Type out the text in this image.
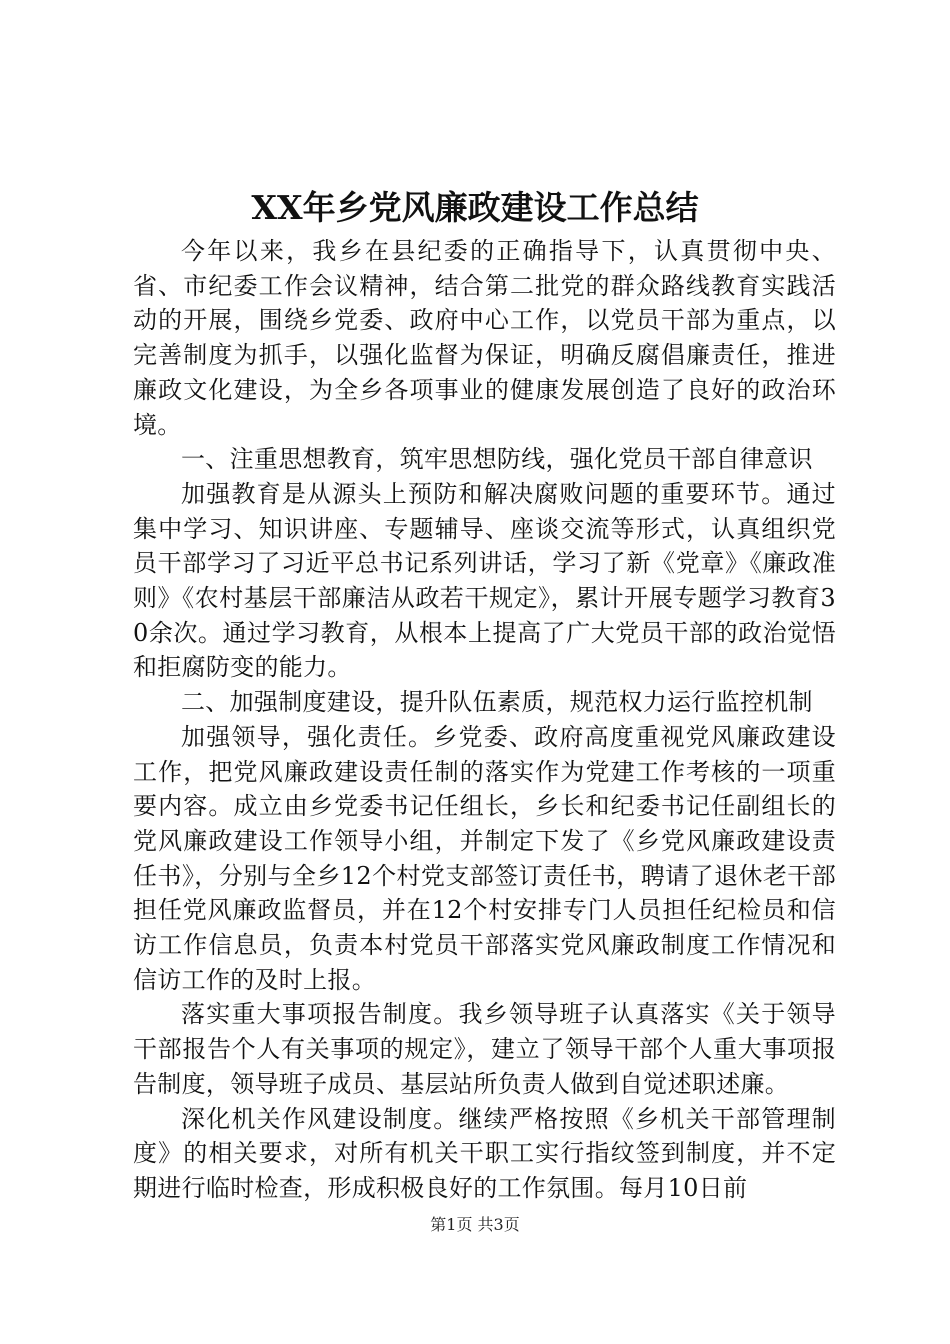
XX年乡党风廉政建设工作总结

今年以来，我乡在县纪委的正确指导下，认真贯彻中央、省、市纪委工作会议精神，结合第二批党的群众路线教育实践活动的开展，围绕乡党委、政府中心工作，以党员干部为重点，以完善制度为抓手，以强化监督为保证，明确反腐倡廉责任，推进廉政文化建设，为全乡各项事业的健康发展创造了良好的政治环境。

一、注重思想教育，筑牢思想防线，强化党员干部自律意识

加强教育是从源头上预防和解决腐败问题的重要环节。通过集中学习、知识讲座、专题辅导、座谈交流等形式，认真组织党员干部学习了习近平总书记系列讲话，学习了新《党章》《廉政准则》《农村基层干部廉洁从政若干规定》，累计开展专题学习教育30余次。通过学习教育，从根本上提高了广大党员干部的政治觉悟和拒腐防变的能力。

二、加强制度建设，提升队伍素质，规范权力运行监控机制

加强领导，强化责任。乡党委、政府高度重视党风廉政建设工作，把党风廉政建设责任制的落实作为党建工作考核的一项重要内容。成立由乡党委书记任组长，乡长和纪委书记任副组长的党风廉政建设工作领导小组，并制定下发了《乡党风廉政建设责任书》，分别与全乡12个村党支部签订责任书，聘请了退休老干部担任党风廉政监督员，并在12个村安排专门人员担任纪检员和信访工作信息员，负责本村党员干部落实党风廉政制度工作情况和信访工作的及时上报。

落实重大事项报告制度。我乡领导班子认真落实《关于领导干部报告个人有关事项的规定》，建立了领导干部个人重大事项报告制度，领导班子成员、基层站所负责人做到自觉述职述廉。

深化机关作风建设制度。继续严格按照《乡机关干部管理制度》的相关要求，对所有机关干职工实行指纹签到制度，并不定期进行临时检查，形成积极良好的工作氛围。每月10日前

第1页 共3页
